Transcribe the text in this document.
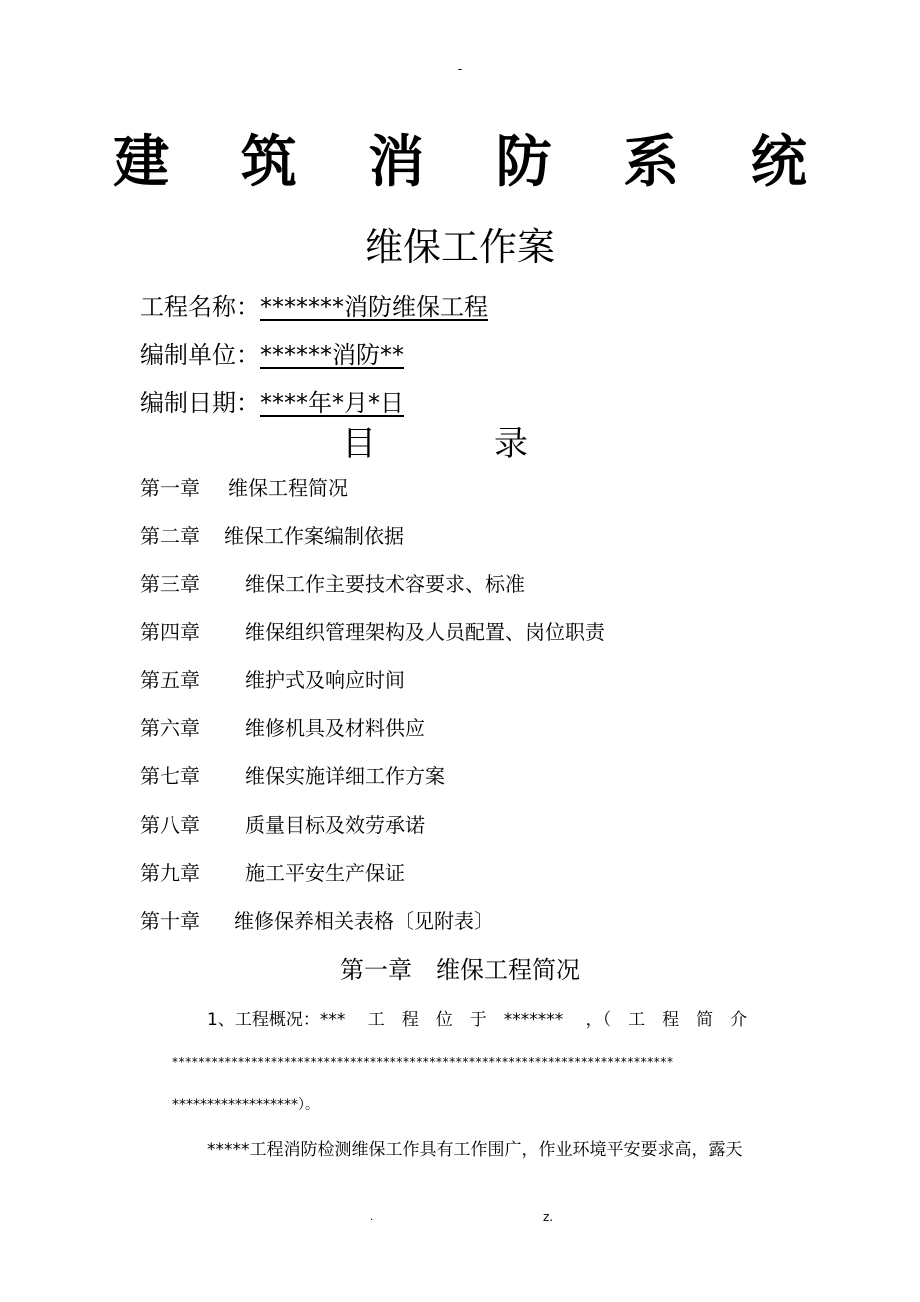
-
建 筑 消 防 系 统
维保工作案
工程名称：*******消防维保工程
编制单位：******消防**
编制日期：****年*月*日
目	录
第一章 维保工程简况
第二章 维保工作案编制依据
第三章 维保工作主要技术容要求、标准
第四章 维保组织管理架构及人员配置、岗位职责
第五章 维护式及响应时间
第六章 维修机具及材料供应
第七章 维保实施详细工作方案
第八章 质量目标及效劳承诺
第九章 施工平安生产保证
第十章 维修保养相关表格〔见附表〕
第一章　维保工程简况
1、工程概况：*** 　工　程　位　于　******* 　，（　工　程　简　介
****************************************************************************
******************）。
*****工程消防检测维保工作具有工作围广，作业环境平安要求高，露天
.	z.
